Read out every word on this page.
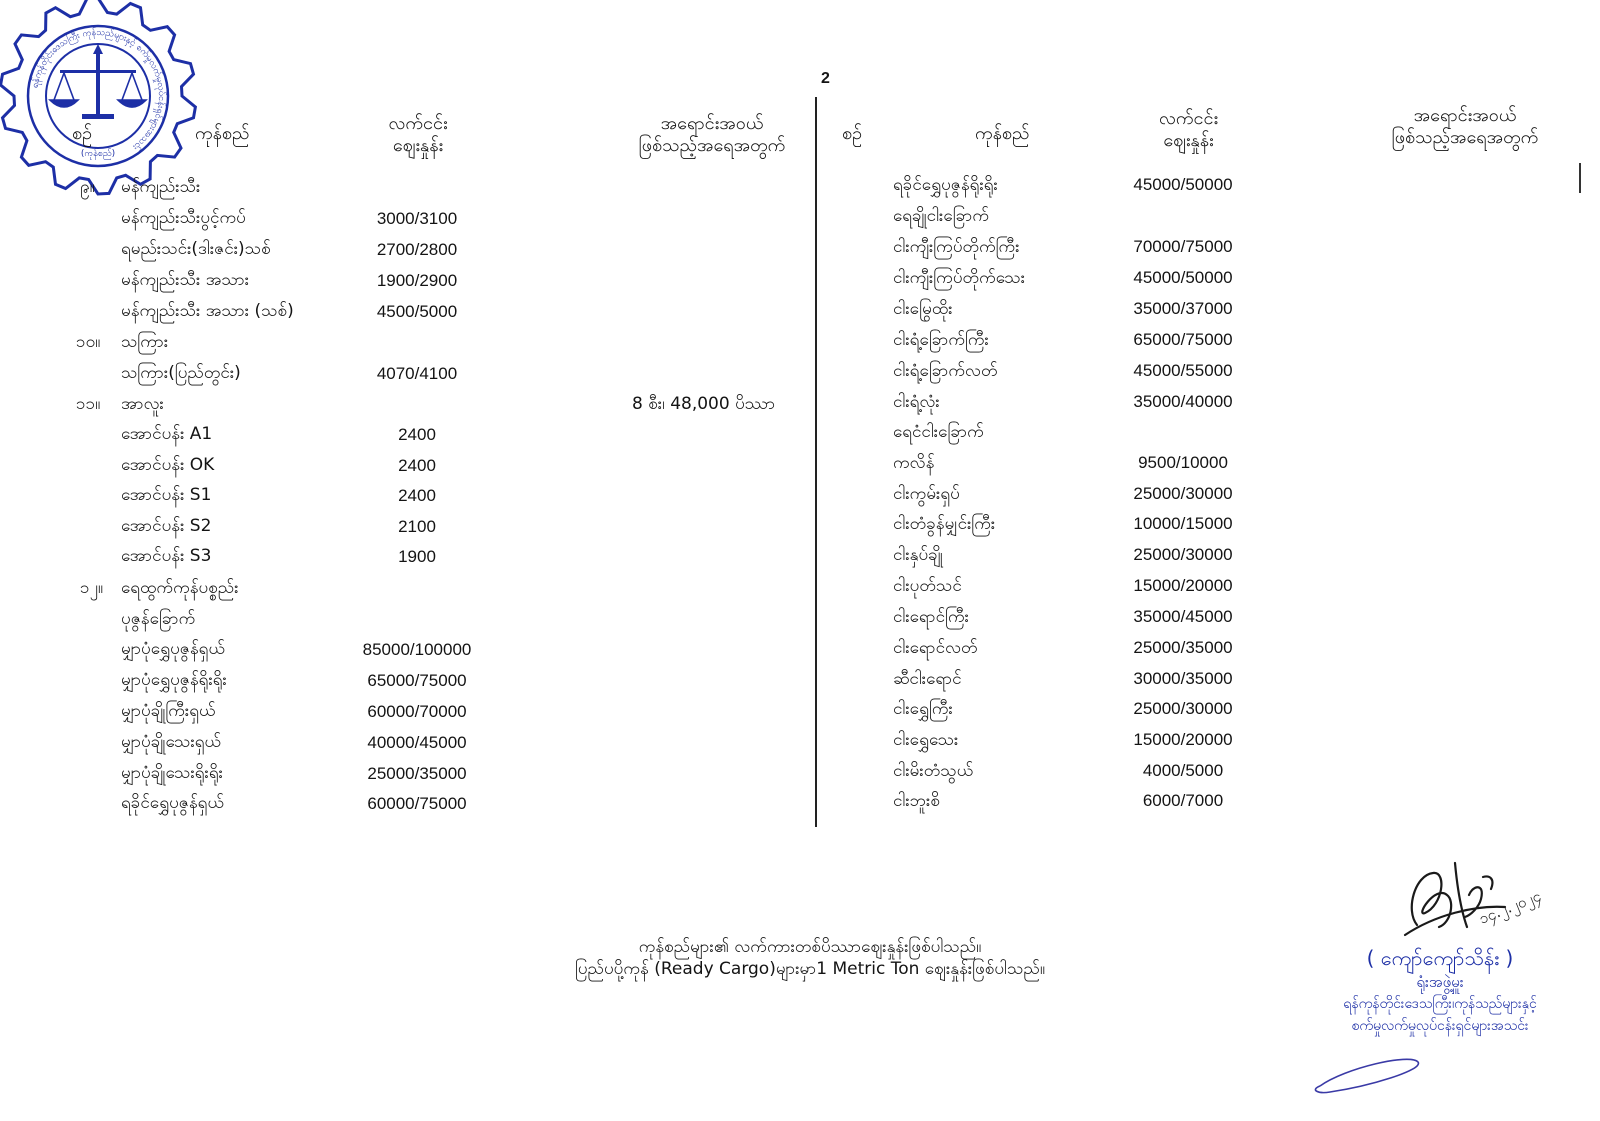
ရန်ကုန်တိုင်းဒေသကြီး ကုန်သည်များနှင့် စက်မှုလက်မှုလုပ်ငန်းရှင်များအသင်း
(ကုန်စည်)
2
စဉ်	ကုန်စည်	လက်ငင်း
ဈေးနှုန်း
အရောင်းအဝယ်
ဖြစ်သည့်အရေအတွက်
စဉ်	ကုန်စည်
လက်ငင်း
ဈေးနှုန်း
အရောင်းအဝယ်
ဖြစ်သည့်အရေအတွက်
၉။ မန်ကျည်းသီး
မန်ကျည်းသီးပွင့်ကပ်	3000/3100
ရမည်းသင်း(ဒါးဇင်း)သစ်	2700/2800
မန်ကျည်းသီး အသား	1900/2900
မန်ကျည်းသီး အသား (သစ်)	4500/5000
၁၀။ သကြား
သကြား(ပြည်တွင်း)	4070/4100
၁၁။ အာလူး	8 စီး၊ 48,000 ပိဿာ
အောင်ပန်း A1	2400
အောင်ပန်း OK	2400
အောင်ပန်း S1	2400
အောင်ပန်း S2	2100
အောင်ပန်း S3	1900
၁၂။ ရေထွက်ကုန်ပစ္စည်း
ပုဇွန်ခြောက်
မျှာပုံရွှေပုဇွန်ရှယ်	85000/100000
မျှာပုံရွှေပုဇွန်ရိုးရိုး	65000/75000
မျှာပုံချိုကြီးရှယ်	60000/70000
မျှာပုံချိုသေးရှယ်	40000/45000
မျှာပုံချိုသေးရိုးရိုး	25000/35000
ရခိုင်ရွှေပုဇွန်ရှယ်	60000/75000
ရခိုင်ရွှေပုဇွန်ရိုးရိုး	45000/50000
ရေချိုငါးခြောက်
ငါးကျီးကြပ်တိုက်ကြီး	70000/75000
ငါးကျီးကြပ်တိုက်သေး	45000/50000
ငါးမြွေထိုး	35000/37000
ငါးရံ့ခြောက်ကြီး	65000/75000
ငါးရံ့ခြောက်လတ်	45000/55000
ငါးရံ့လုံး	35000/40000
ရေငံငါးခြောက်
ကလိန်	9500/10000
ငါးကွမ်းရှပ်	25000/30000
ငါးတံခွန်မျှင်းကြီး	10000/15000
ငါးနှပ်ချို	25000/30000
ငါးပုတ်သင်	15000/20000
ငါးရောင်ကြီး	35000/45000
ငါးရောင်လတ်	25000/35000
ဆီငါးရောင်	30000/35000
ငါးရွှေကြီး	25000/30000
ငါးရွှေသေး	15000/20000
ငါးမိးတံသွယ်	4000/5000
ငါးဘူးစိ	6000/7000
ကုန်စည်များ၏ လက်ကားတစ်ပိဿာဈေးနှုန်းဖြစ်ပါသည်။
ပြည်ပပို့ကုန် (Ready Cargo)များမှာ1 Metric Ton ဈေးနှုန်းဖြစ်ပါသည်။
၁၄.၂.၂၀၂၄
( ကျော်ကျော်သိန်း )
ရုံးအဖွဲ့မှူး
ရန်ကုန်တိုင်းဒေသကြီး၊ကုန်သည်များနှင့်
စက်မှုလက်မှုလုပ်ငန်းရှင်များအသင်း
